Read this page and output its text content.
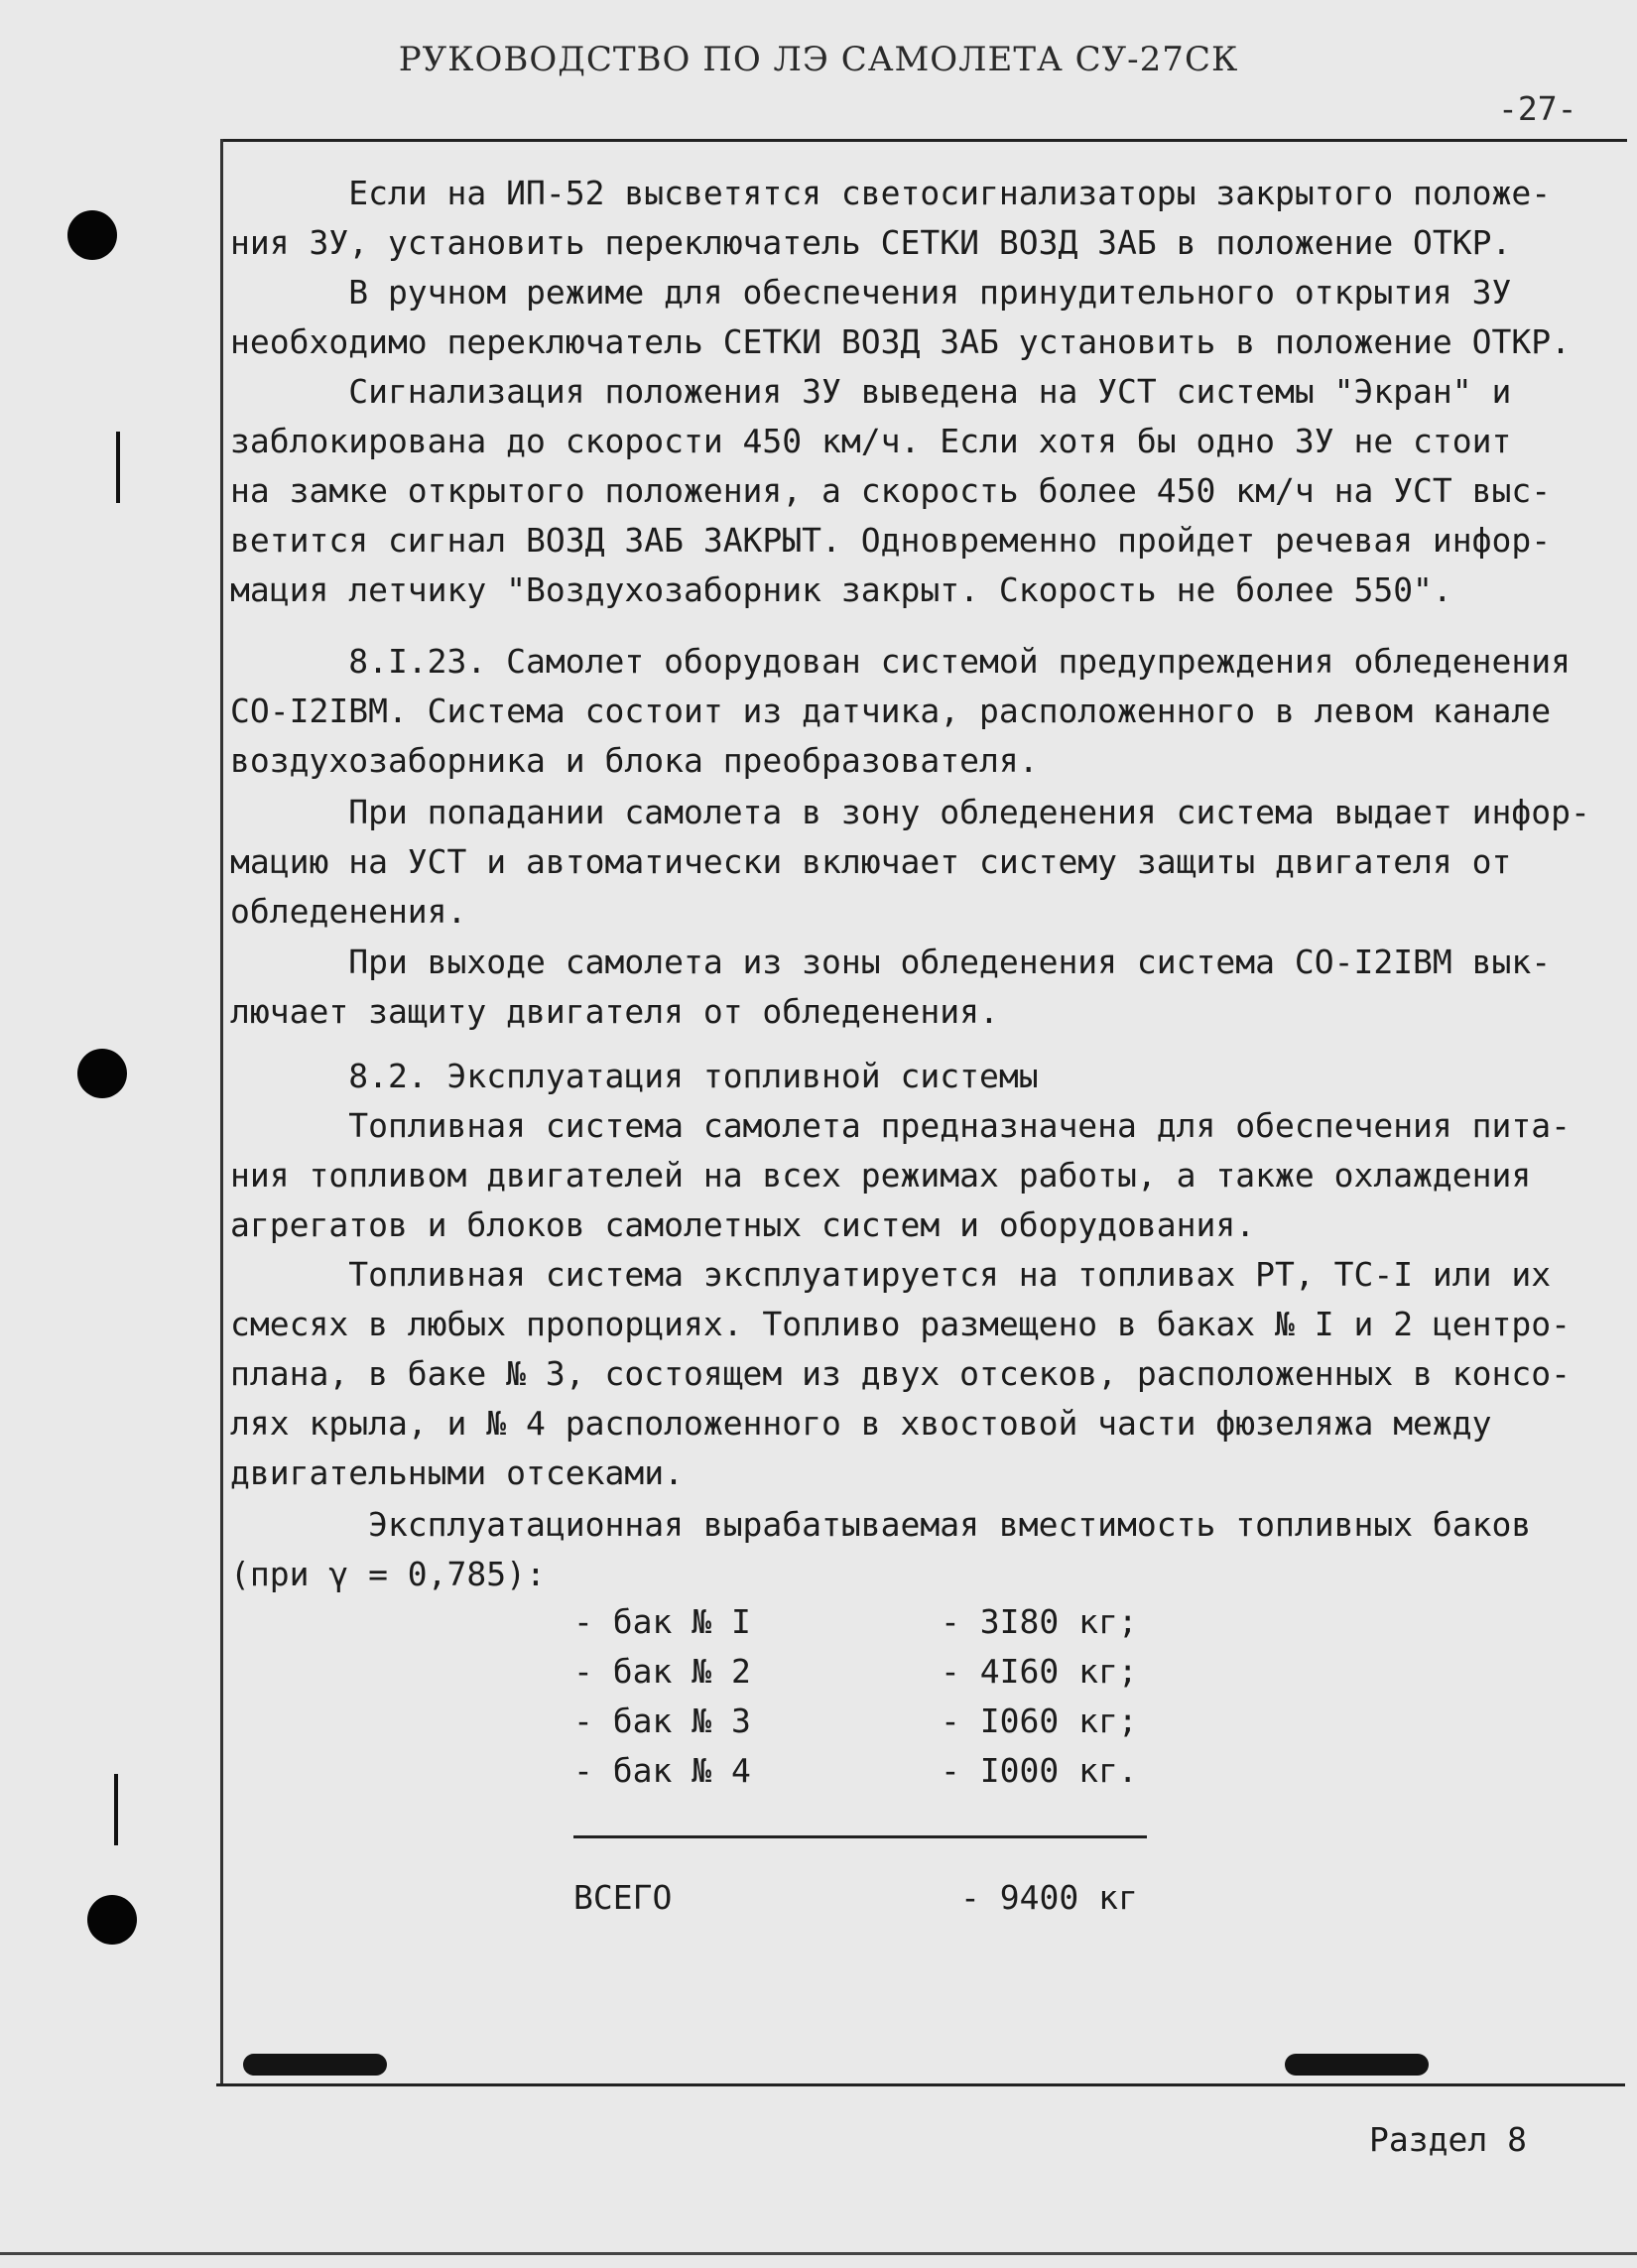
РУКОВОДСТВО ПО ЛЭ САМОЛЕТА СУ-27СК
-27-
Если на ИП-52 высветятся светосигнализаторы закрытого положе-
ния ЗУ, установить переключатель СЕТКИ ВОЗД ЗАБ в положение ОТКР.
В ручном режиме для обеспечения принудительного открытия ЗУ
необходимо переключатель СЕТКИ ВОЗД ЗАБ установить в положение ОТКР.
Сигнализация положения ЗУ выведена на УСТ системы "Экран" и
заблокирована до скорости 450 км/ч. Если хотя бы одно ЗУ не стоит
на замке открытого положения, а скорость более 450 км/ч на УСТ выс-
ветится сигнал ВОЗД ЗАБ ЗАКРЫТ. Одновременно пройдет речевая инфор-
мация летчику "Воздухозаборник закрыт. Скорость не более 550".
8.I.23. Самолет оборудован системой предупреждения обледенения
СО-I2IВМ. Система состоит из датчика, расположенного в левом канале
воздухозаборника и блока преобразователя.
При попадании самолета в зону обледенения система выдает инфор-
мацию на УСТ и автоматически включает систему защиты двигателя от
обледенения.
При выходе самолета из зоны обледенения система СО-I2IВМ вык-
лючает защиту двигателя от обледенения.
8.2. Эксплуатация топливной системы
Топливная система самолета предназначена для обеспечения пита-
ния топливом двигателей на всех режимах работы, а также охлаждения
агрегатов и блоков самолетных систем и оборудования.
Топливная система эксплуатируется на топливах РТ, ТС-I или их
смесях в любых пропорциях. Топливо размещено в баках № I и 2 центро-
плана, в баке № 3, состоящем из двух отсеков, расположенных в консо-
лях крыла, и № 4 расположенного в хвостовой части фюзеляжа между
двигательными отсеками.
Эксплуатационная вырабатываемая вместимость топливных баков
(при γ = 0,785):
- бак № I	- 3I80 кг;
- бак № 2	- 4I60 кг;
- бак № 3	- I060 кг;
- бак № 4	- I000 кг.
ВСЕГО	- 9400 кг
Раздел 8
